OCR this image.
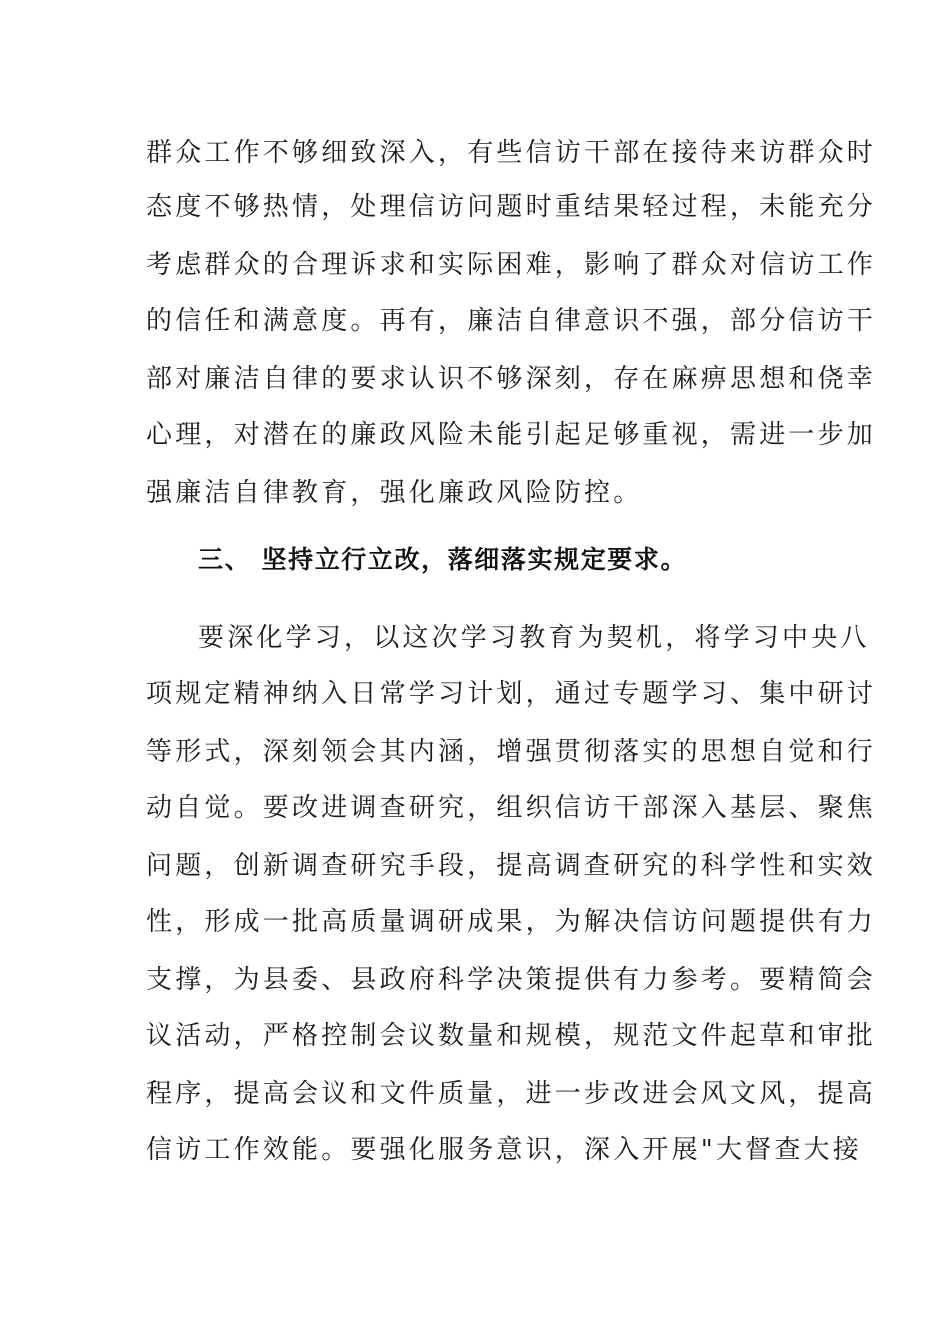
群众工作不够细致深入，有些信访干部在接待来访群众时
态度不够热情，处理信访问题时重结果轻过程，未能充分
考虑群众的合理诉求和实际困难，影响了群众对信访工作
的信任和满意度。再有，廉洁自律意识不强，部分信访干
部对廉洁自律的要求认识不够深刻，存在麻痹思想和侥幸
心理，对潜在的廉政风险未能引起足够重视，需进一步加
强廉洁自律教育，强化廉政风险防控。
三、 坚持立行立改，落细落实规定要求。
要深化学习，以这次学习教育为契机，将学习中央八
项规定精神纳入日常学习计划，通过专题学习、集中研讨
等形式，深刻领会其内涵，增强贯彻落实的思想自觉和行
动自觉。要改进调查研究，组织信访干部深入基层、聚焦
问题，创新调查研究手段，提高调查研究的科学性和实效
性，形成一批高质量调研成果，为解决信访问题提供有力
支撑，为县委、县政府科学决策提供有力参考。要精简会
议活动，严格控制会议数量和规模，规范文件起草和审批
程序，提高会议和文件质量，进一步改进会风文风，提高
信访工作效能。要强化服务意识，深入开展"大督查大接
